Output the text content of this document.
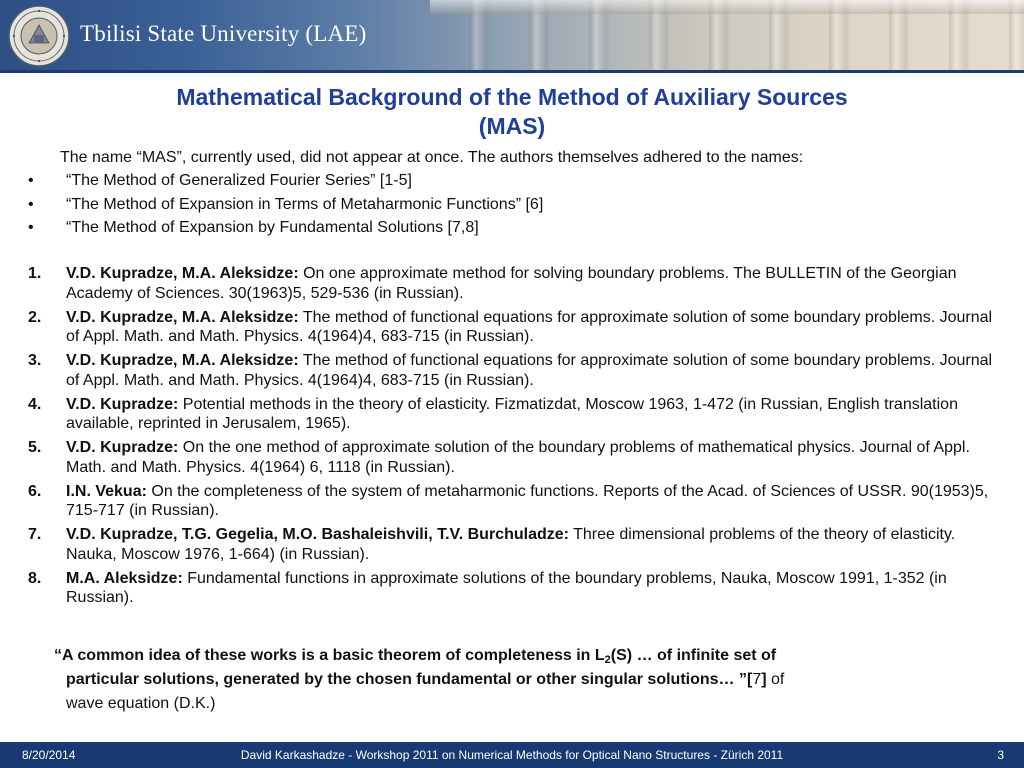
Tbilisi State University (LAE)
Mathematical Background of the Method of Auxiliary Sources
(MAS)
The name “MAS”, currently used, did not appear at once. The authors themselves adhered to the names:
• “The Method of Generalized Fourier Series” [1-5]
• “The Method of Expansion in Terms of Metaharmonic Functions” [6]
• “The Method of Expansion by Fundamental Solutions [7,8]
1. V.D. Kupradze, M.A. Aleksidze: On one approximate method for solving boundary problems. The BULLETIN of the Georgian Academy of Sciences. 30(1963)5, 529-536 (in Russian).
2. V.D. Kupradze, M.A. Aleksidze: The method of functional equations for approximate solution of some boundary problems. Journal of Appl. Math. and Math. Physics. 4(1964)4, 683-715 (in Russian).
3. V.D. Kupradze, M.A. Aleksidze: The method of functional equations for approximate solution of some boundary problems. Journal of Appl. Math. and Math. Physics. 4(1964)4, 683-715 (in Russian).
4. V.D. Kupradze: Potential methods in the theory of elasticity. Fizmatizdat, Moscow 1963, 1-472 (in Russian, English translation available, reprinted in Jerusalem, 1965).
5. V.D. Kupradze: On the one method of approximate solution of the boundary problems of mathematical physics. Journal of Appl. Math. and Math. Physics. 4(1964) 6, 1118 (in Russian).
6. I.N. Vekua: On the completeness of the system of metaharmonic functions. Reports of the Acad. of Sciences of USSR. 90(1953)5, 715-717 (in Russian).
7. V.D. Kupradze, T.G. Gegelia, M.O. Bashaleishvili, T.V. Burchuladze: Three dimensional problems of the theory of elasticity. Nauka, Moscow 1976, 1-664) (in Russian).
8. M.A. Aleksidze: Fundamental functions in approximate solutions of the boundary problems, Nauka, Moscow 1991, 1-352 (in Russian).
“A common idea of these works is a basic theorem of completeness in $L_2(S)$ … of infinite set of
particular solutions, generated by the chosen fundamental or other singular solutions… ”[7] of
wave equation (D.K.)
8/20/2014	David Karkashadze - Workshop 2011 on Numerical Methods for Optical Nano Structures - Zürich 2011	3
